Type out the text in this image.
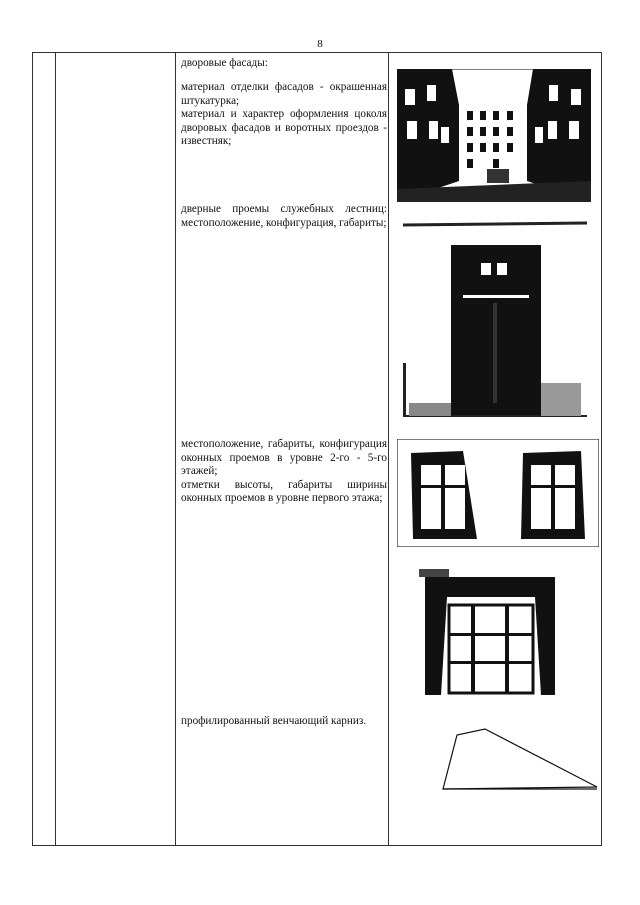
8

дворовые фасады:

материал отделки фасадов - окрашенная штукатурка;

материал и характер оформления цоколя дворовых фасадов и воротных проездов - известняк;

дверные проемы служебных лестниц: местоположение, конфигурация, габариты;

местоположение, габариты, конфигурация оконных проемов в уровне 2-го - 5-го этажей;

отметки высоты, габариты ширины оконных проемов в уровне первого этажа;

профилированный венчающий карниз.
